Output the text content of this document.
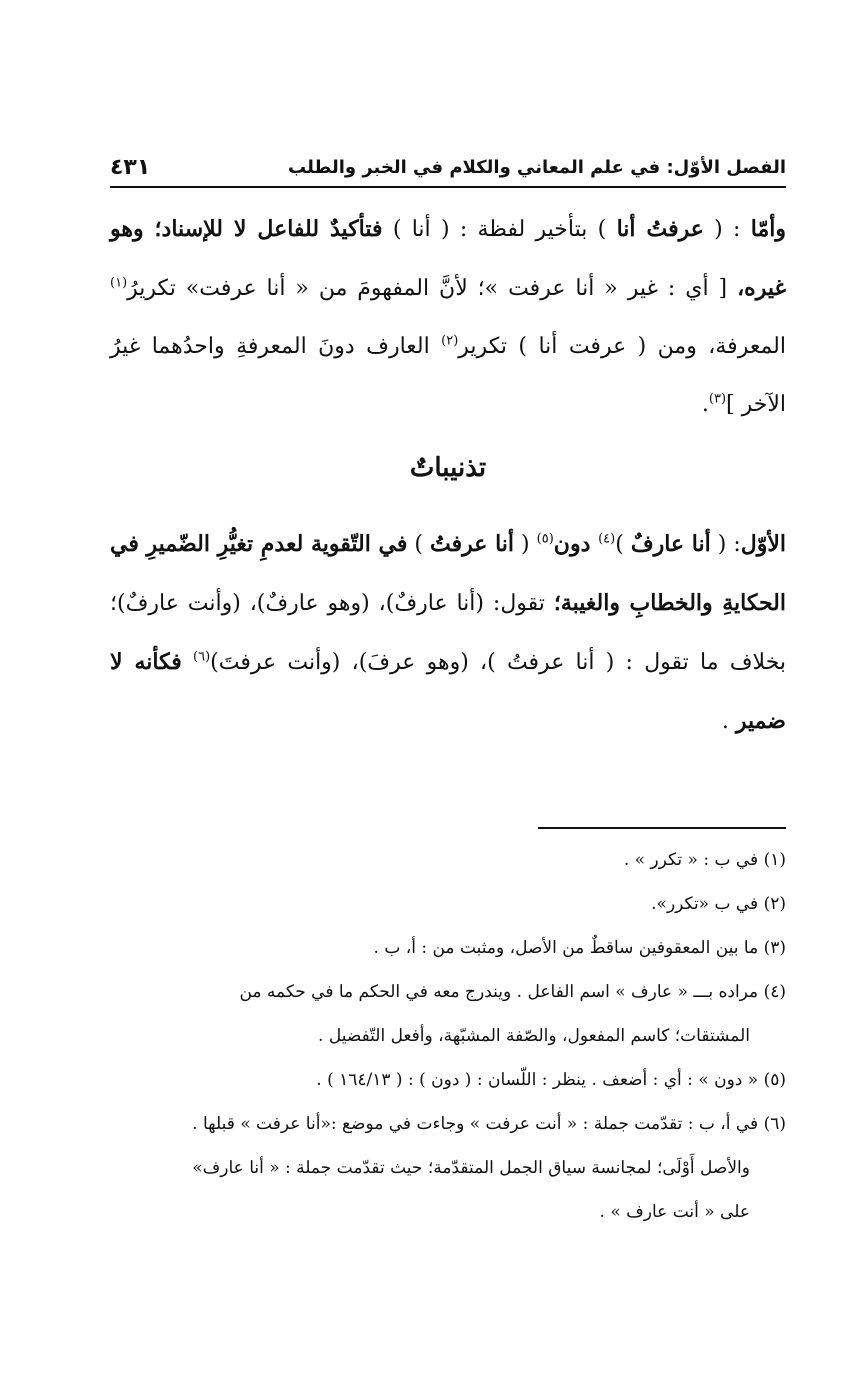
الفصل الأوّل: في علم المعاني والكلام في الخبر والطلب
٤٣١
وأمّا : ( عرفتُ أنا ) بتأخير لفظة : ( أنا ) فتأكيدٌ للفاعل لا للإسناد؛ وهو غيره، [ أي : غير « أنا عرفت »؛ لأنَّ المفهومَ من « أنا عرفت» تكريرُ$^{(١)}$ المعرفة، ومن ( عرفت أنا ) تكرير$^{(٢)}$ العارف دونَ المعرفةِ واحدُهما غيرُ الآخر ]$^{(٣)}$.
تذنيباتٌ
الأوّل: ( أنا عارفٌ )$^{(٤)}$ دون$^{(٥)}$ ( أنا عرفتُ ) في التّقوية لعدمِ تغيُّرِ الضّميرِ في الحكايةِ والخطابِ والغيبة؛ تقول: (أنا عارفٌ)، (وهو عارفٌ)، (وأنت عارفٌ)؛ بخلاف ما تقول : ( أنا عرفتُ )، (وهو عرفَ)، (وأنت عرفتَ)$^{(٦)}$ فكأنه لا ضمير .
(١) في ب : « تكرر » .
(٢) في ب «تكرر».
(٣) ما بين المعقوفين ساقطٌ من الأصل، ومثبت من : أ، ب .
(٤) مراده بـــ « عارف » اسم الفاعل . ويندرج معه في الحكم ما في حكمه من
المشتقات؛ كاسم المفعول، والصّفة المشبّهة، وأفعل التّفضيل .
(٥) « دون » : أي : أضعف . ينظر : اللّسان : ( دون ) : ( ١٦٤/١٣ ) .
(٦) في أ، ب : تقدّمت جملة : « أنت عرفت » وجاءت في موضع :«أنا عرفت » قبلها .
والأصل أَوْلَى؛ لمجانسة سياق الجمل المتقدّمة؛ حيث تقدّمت جملة : « أنا عارف»
على « أنت عارف » .
